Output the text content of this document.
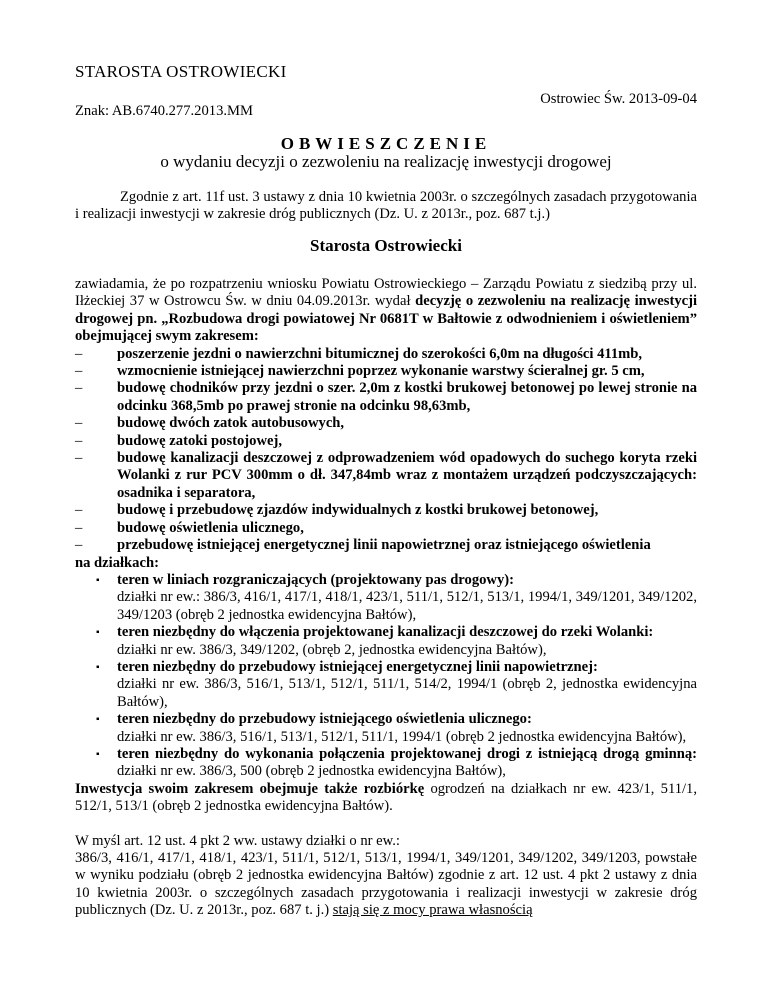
STAROSTA OSTROWIECKI
Ostrowiec Św. 2013-09-04
Znak: AB.6740.277.2013.MM
OBWIESZCZENIE
o wydaniu decyzji o zezwoleniu na realizację inwestycji drogowej
Zgodnie z art. 11f ust. 3 ustawy z dnia 10 kwietnia 2003r. o szczególnych zasadach przygotowania i realizacji inwestycji w zakresie dróg publicznych (Dz. U. z 2013r., poz. 687 t.j.)
Starosta Ostrowiecki
zawiadamia, że po rozpatrzeniu wniosku Powiatu Ostrowieckiego – Zarządu Powiatu z siedzibą przy ul. Iłżeckiej 37 w Ostrowcu Św. w dniu 04.09.2013r. wydał decyzję o zezwoleniu na realizację inwestycji drogowej pn. „Rozbudowa drogi powiatowej Nr 0681T w Bałtowie z odwodnieniem i oświetleniem” obejmującej swym zakresem:
–	poszerzenie jezdni o nawierzchni bitumicznej do szerokości 6,0m na długości 411mb,
–	wzmocnienie istniejącej nawierzchni poprzez wykonanie warstwy ścieralnej gr. 5 cm,
–	budowę chodników przy jezdni o szer. 2,0m z kostki brukowej betonowej po lewej stronie na odcinku 368,5mb po prawej stronie na odcinku 98,63mb,
–	budowę dwóch zatok autobusowych,
–	budowę zatoki postojowej,
–	budowę kanalizacji deszczowej z odprowadzeniem wód opadowych do suchego koryta rzeki Wolanki z rur PCV 300mm o dł. 347,84mb wraz z montażem urządzeń podczyszczających: osadnika i separatora,
–	budowę i przebudowę zjazdów indywidualnych z kostki brukowej betonowej,
–	budowę oświetlenia ulicznego,
–	przebudowę istniejącej energetycznej linii napowietrznej oraz istniejącego oświetlenia
na działkach:
▪ teren w liniach rozgraniczających (projektowany pas drogowy):
działki nr ew.: 386/3, 416/1, 417/1, 418/1, 423/1, 511/1, 512/1, 513/1, 1994/1, 349/1201, 349/1202, 349/1203 (obręb 2 jednostka ewidencyjna Bałtów),
▪ teren niezbędny do włączenia projektowanej kanalizacji deszczowej do rzeki Wolanki:
działki nr ew. 386/3, 349/1202, (obręb 2, jednostka ewidencyjna Bałtów),
▪ teren niezbędny do przebudowy istniejącej energetycznej linii napowietrznej:
działki nr ew. 386/3, 516/1, 513/1, 512/1, 511/1, 514/2, 1994/1 (obręb 2, jednostka ewidencyjna Bałtów),
▪ teren niezbędny do przebudowy istniejącego oświetlenia ulicznego:
działki nr ew. 386/3, 516/1, 513/1, 512/1, 511/1, 1994/1 (obręb 2 jednostka ewidencyjna Bałtów),
▪ teren niezbędny do wykonania połączenia projektowanej drogi z istniejącą drogą gminną: działki nr ew. 386/3, 500 (obręb 2 jednostka ewidencyjna Bałtów),
Inwestycja swoim zakresem obejmuje także rozbiórkę ogrodzeń na działkach nr ew. 423/1, 511/1, 512/1, 513/1 (obręb 2 jednostka ewidencyjna Bałtów).
W myśl art. 12 ust. 4 pkt 2 ww. ustawy działki o nr ew.:
386/3, 416/1, 417/1, 418/1, 423/1, 511/1, 512/1, 513/1, 1994/1, 349/1201, 349/1202, 349/1203, powstałe w wyniku podziału (obręb 2 jednostka ewidencyjna Bałtów) zgodnie z art. 12 ust. 4 pkt 2 ustawy z dnia 10 kwietnia 2003r. o szczególnych zasadach przygotowania i realizacji inwestycji w zakresie dróg publicznych (Dz. U. z 2013r., poz. 687 t. j.) stają się z mocy prawa własnością
